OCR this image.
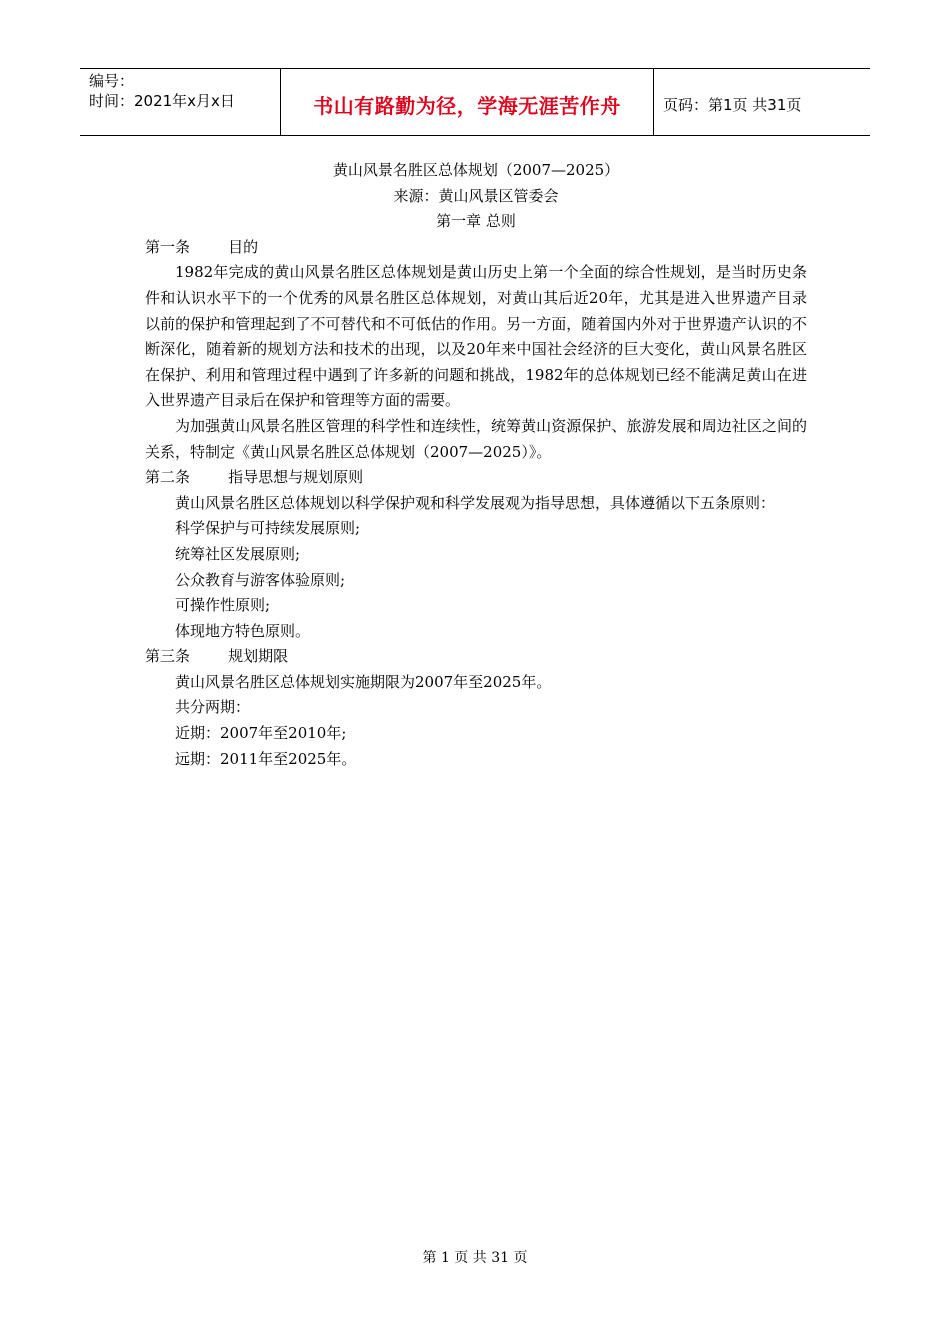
编号：
时间：2021年x月x日	书山有路勤为径，学海无涯苦作舟	页码：第1页 共31页

黄山风景名胜区总体规划（2007—2025）

来源：黄山风景区管委会

第一章 总则

第一条        目的

1982年完成的黄山风景名胜区总体规划是黄山历史上第一个全面的综合性规划，是当时历史条件和认识水平下的一个优秀的风景名胜区总体规划，对黄山其后近20年，尤其是进入世界遗产目录以前的保护和管理起到了不可替代和不可低估的作用。另一方面，随着国内外对于世界遗产认识的不断深化，随着新的规划方法和技术的出现，以及20年来中国社会经济的巨大变化，黄山风景名胜区在保护、利用和管理过程中遇到了许多新的问题和挑战，1982年的总体规划已经不能满足黄山在进入世界遗产目录后在保护和管理等方面的需要。

为加强黄山风景名胜区管理的科学性和连续性，统筹黄山资源保护、旅游发展和周边社区之间的关系，特制定《黄山风景名胜区总体规划（2007—2025）》。

第二条        指导思想与规划原则

黄山风景名胜区总体规划以科学保护观和科学发展观为指导思想，具体遵循以下五条原则：

科学保护与可持续发展原则;

统筹社区发展原则;

公众教育与游客体验原则;

可操作性原则;

体现地方特色原则。

第三条        规划期限

黄山风景名胜区总体规划实施期限为2007年至2025年。

共分两期：

近期：2007年至2010年;

远期：2011年至2025年。

第 1 页 共 31 页
